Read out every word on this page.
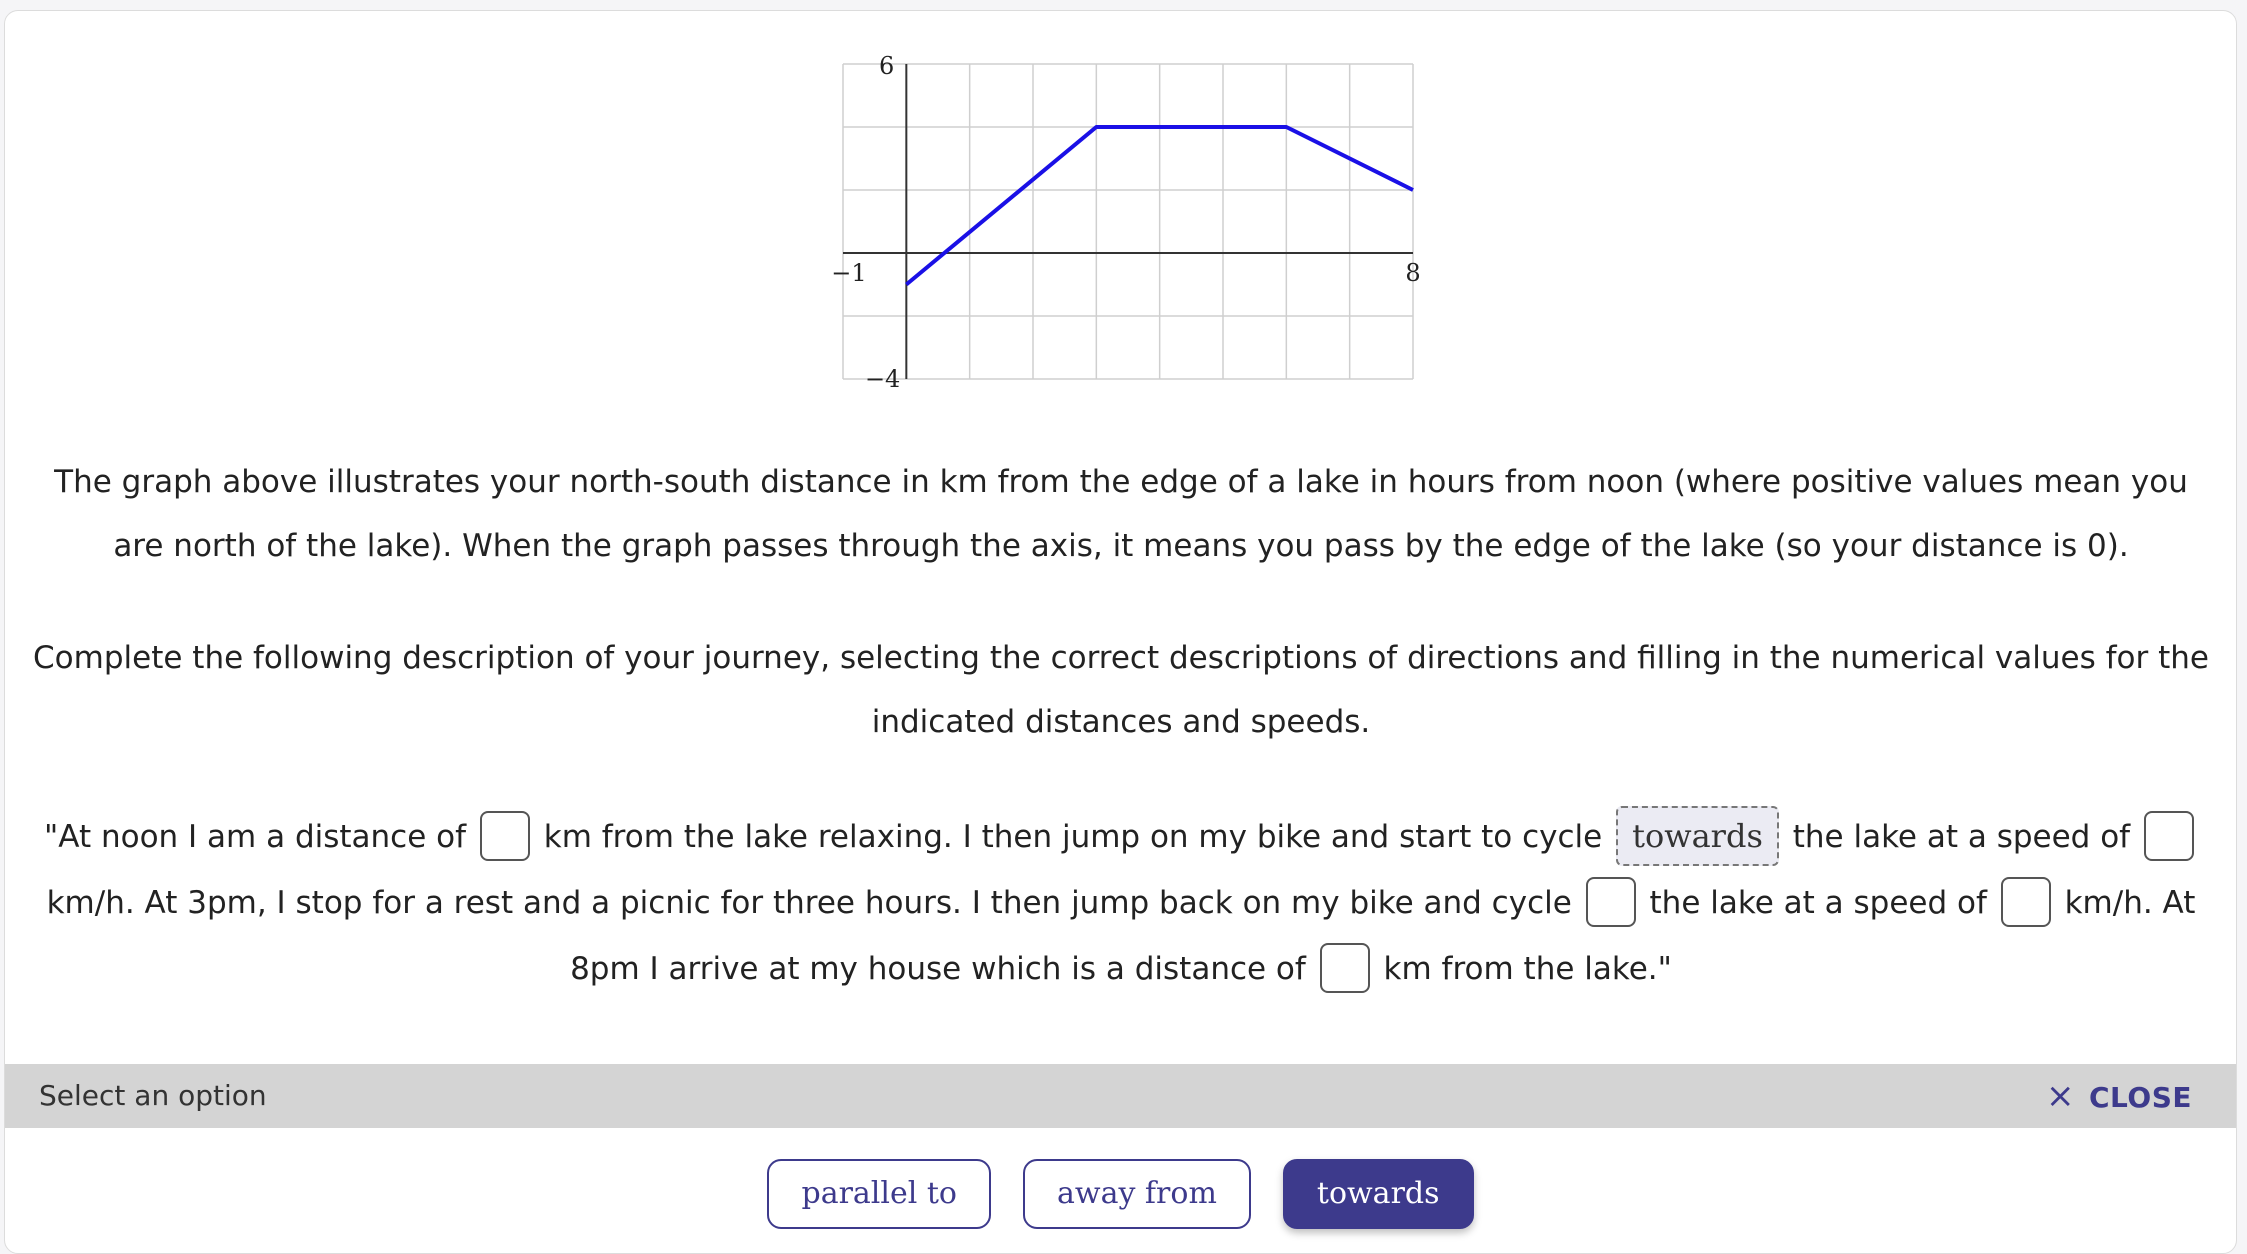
−1	8
6
−4

The graph above illustrates your north-south distance in km from the edge of a lake in hours from noon (where positive values mean you are north of the lake). When the graph passes through the axis, it means you pass by the edge of the lake (so your distance is 0).

Complete the following description of your journey, selecting the correct descriptions of directions and filling in the numerical values for the indicated distances and speeds.

"At noon I am a distance of	km from the lake relaxing. I then jump on my bike and start to cycle towards the lake at a speed of  km/h. At 3pm, I stop for a rest and a picnic for three hours. I then jump back on my bike and cycle	the lake at a speed of	km/h. At 8pm I arrive at my house which is a distance of	km from the lake."

Select an option	× CLOSE
parallel to	away from	towards
